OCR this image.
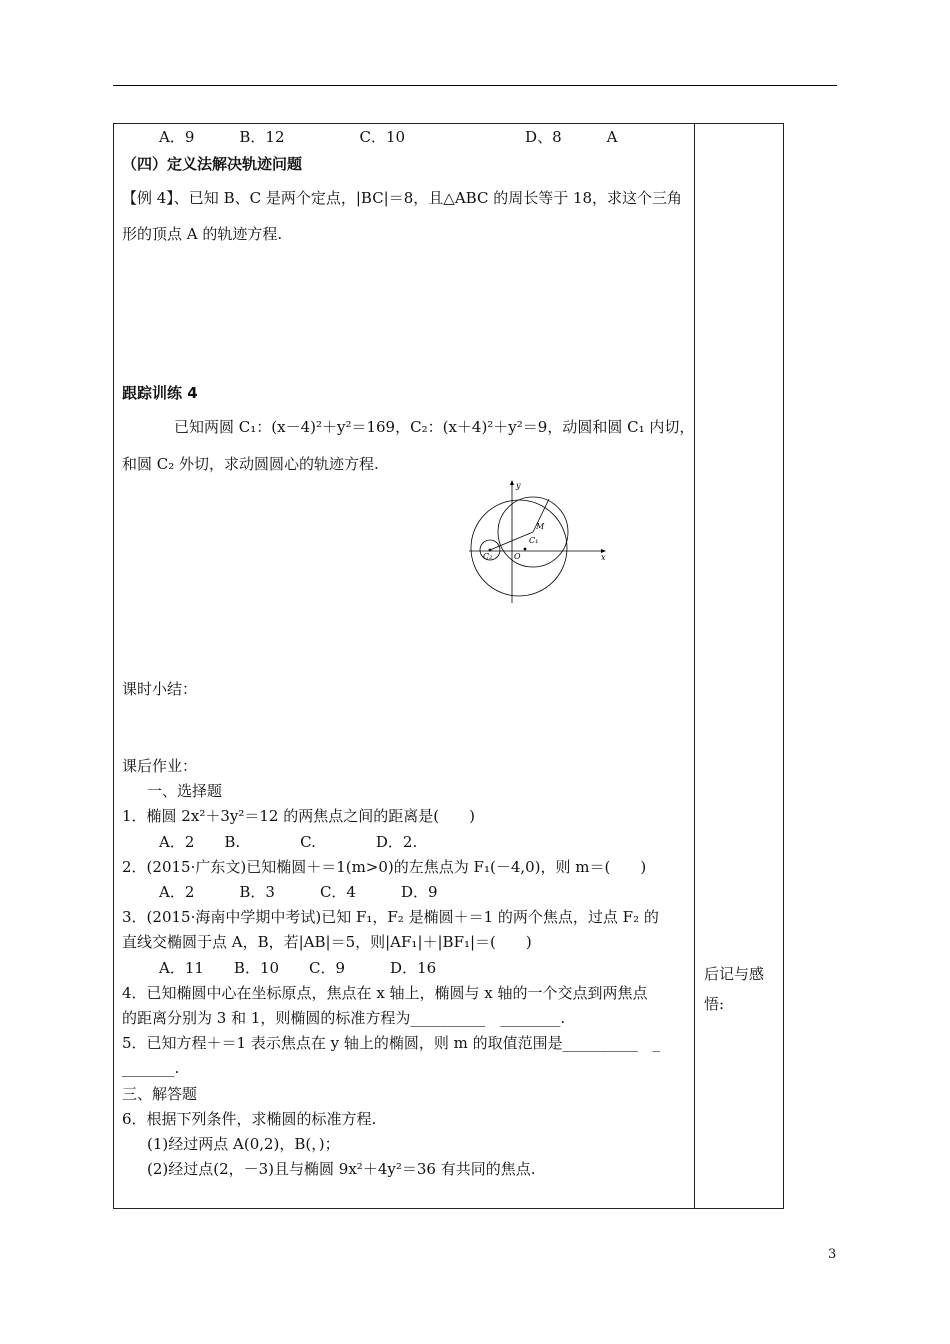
A．9　　　B．12　　　　　C．10　　　　　　　　D、8　　　A
（四）定义法解决轨迹问题
【例 4】、已知 B、C 是两个定点，|BC|＝8，且△ABC 的周长等于 18，求这个三角
形的顶点 A 的轨迹方程.
跟踪训练 4
已知两圆 C₁：(x－4)²＋y²＝169，C₂：(x＋4)²＋y²＝9，动圆和圆 C₁ 内切，
和圆 C₂ 外切，求动圆圆心的轨迹方程.
课时小结：
课后作业：
一、选择题
1．椭圆 2x²＋3y²＝12 的两焦点之间的距离是(　　)
A．2　　B.　　　　C.　　　　D．2.
2．(2015·广东文)已知椭圆＋＝1(m>0)的左焦点为 F₁(－4,0)，则 m＝(　　)
A．2　　　B．3　　　C．4　　　D．9
3．(2015·海南中学期中考试)已知 F₁，F₂ 是椭圆＋＝1 的两个焦点，过点 F₂ 的
直线交椭圆于点 A，B，若|AB|＝5，则|AF₁|＋|BF₁|＝(　　)
A．11　　B．10　　C．9　　　D．16
4．已知椭圆中心在坐标原点，焦点在 x 轴上，椭圆与 x 轴的一个交点到两焦点
的距离分别为 3 和 1，则椭圆的标准方程为__________　________.
5．已知方程＋＝1 表示焦点在 y 轴上的椭圆，则 m 的取值范围是__________　_
_______.
三、解答题
6．根据下列条件，求椭圆的标准方程.
(1)经过两点 A(0,2)，B(，)；
(2)经过点(2，－3)且与椭圆 9x²＋4y²＝36 有共同的焦点.
y
x
M
C₁
C₂	O
后记与感悟:
3
